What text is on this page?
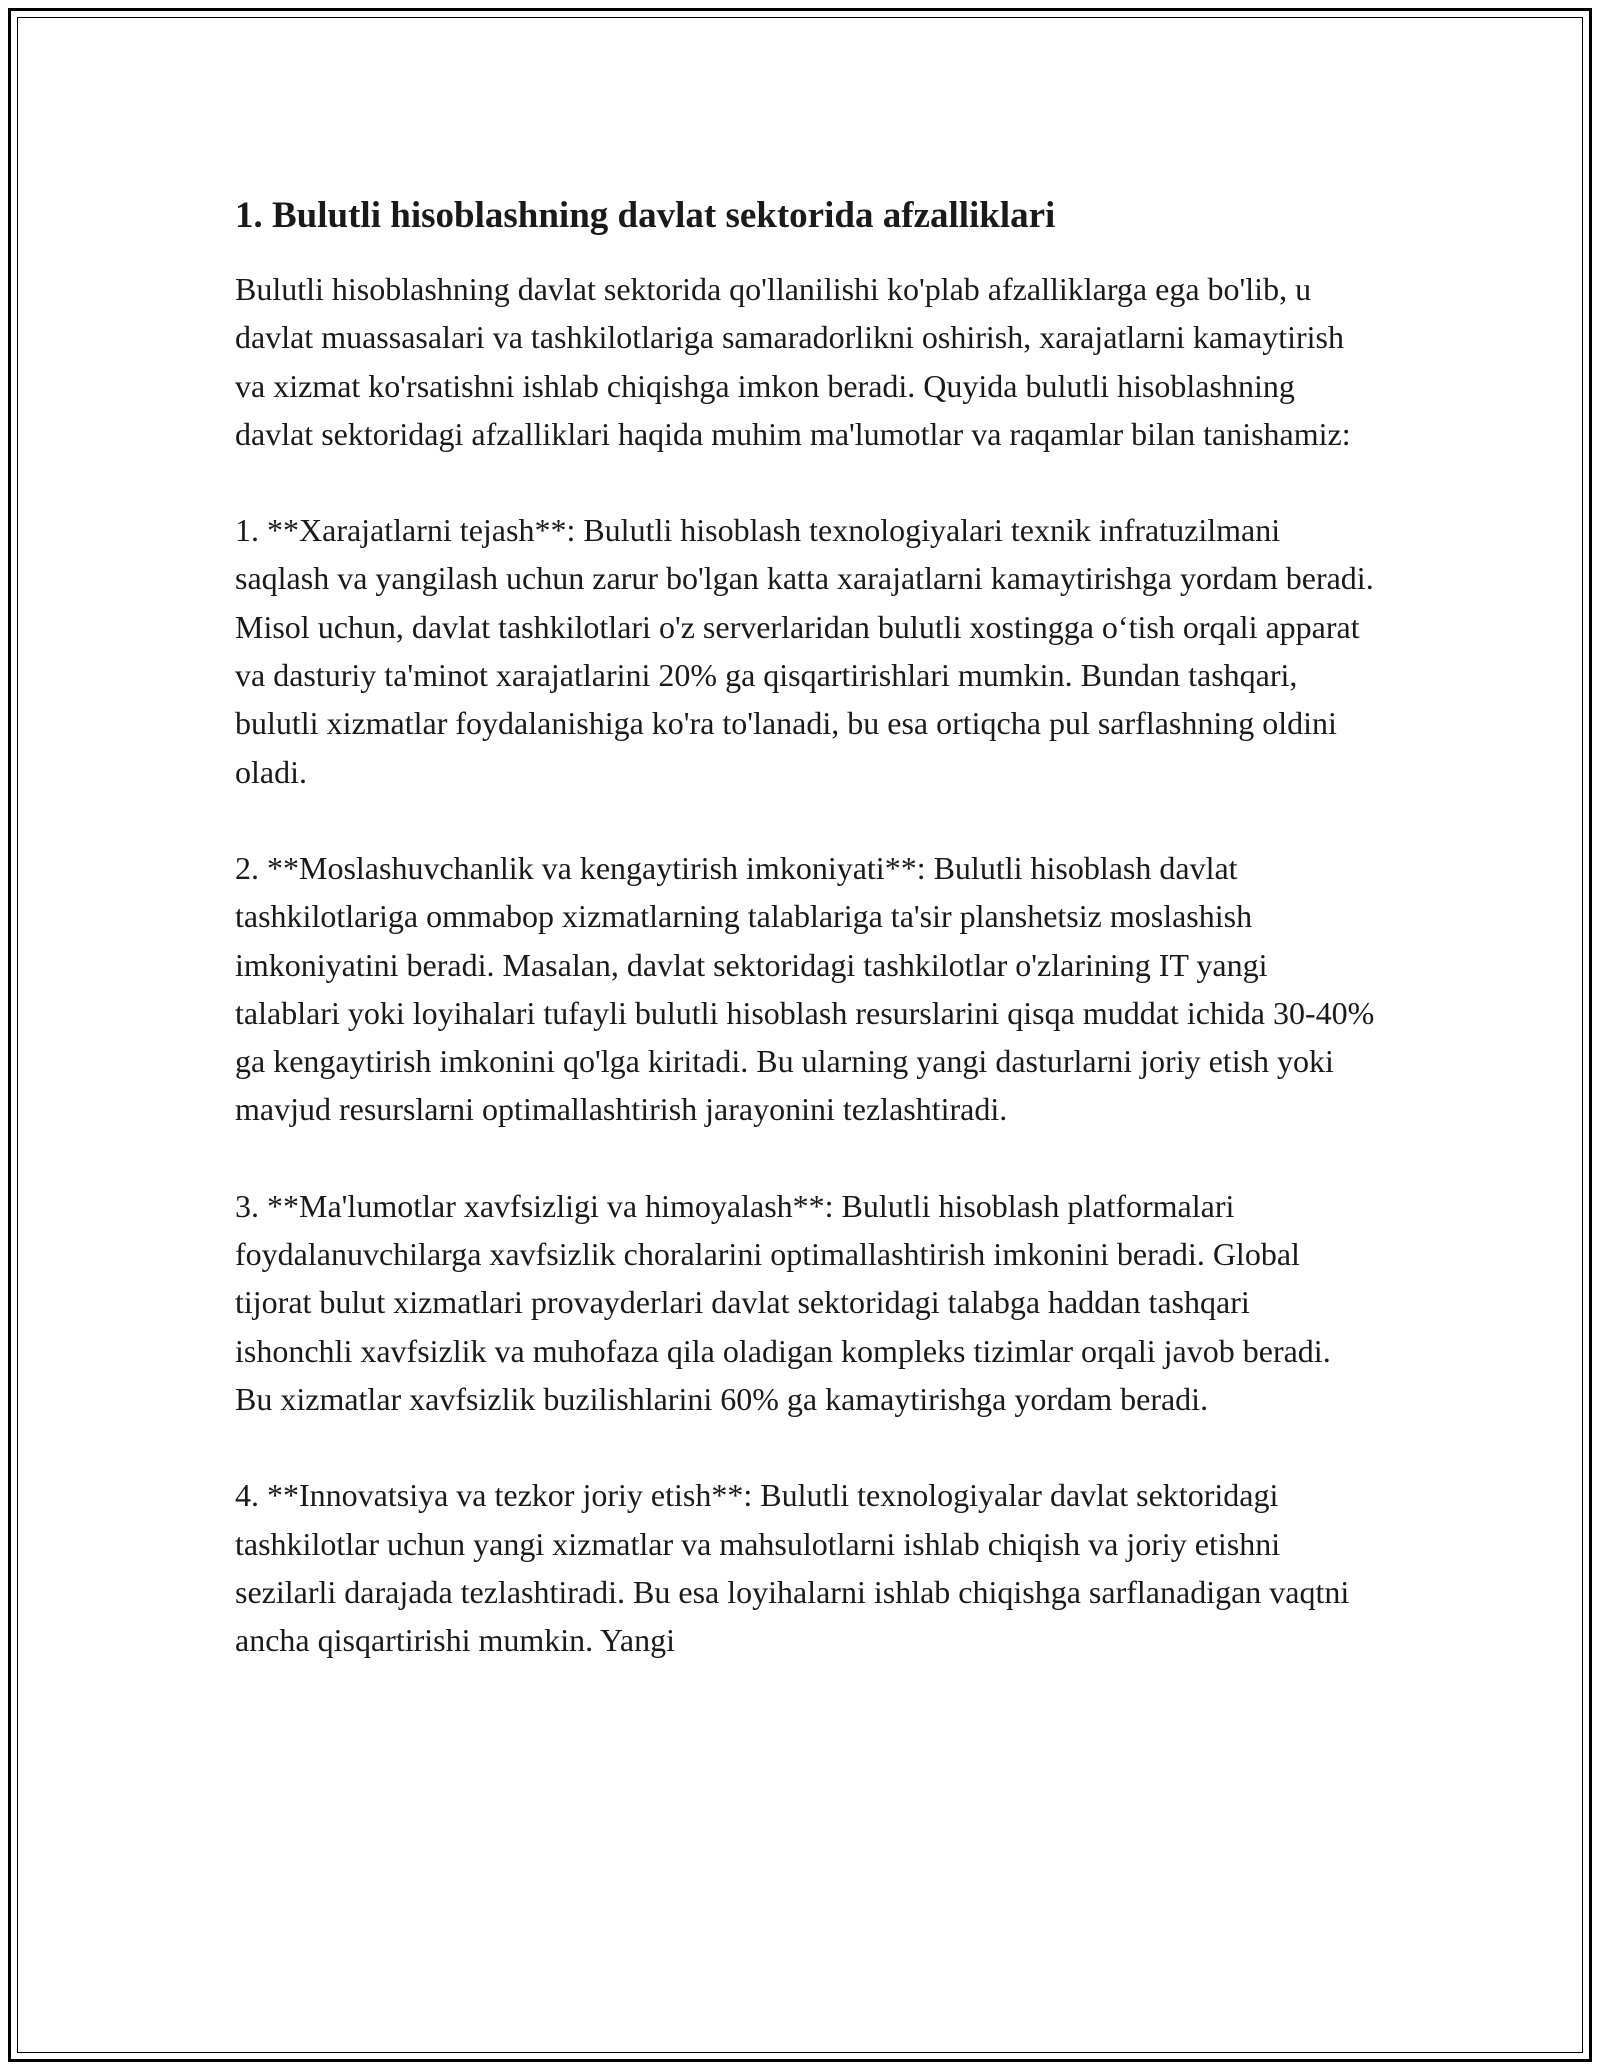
1. Bulutli hisoblashning davlat sektorida afzalliklari

Bulutli hisoblashning davlat sektorida qo'llanilishi ko'plab afzalliklarga ega bo'lib, u davlat muassasalari va tashkilotlariga samaradorlikni oshirish, xarajatlarni kamaytirish va xizmat ko'rsatishni ishlab chiqishga imkon beradi. Quyida bulutli hisoblashning davlat sektoridagi afzalliklari haqida muhim ma'lumotlar va raqamlar bilan tanishamiz:

1. **Xarajatlarni tejash**: Bulutli hisoblash texnologiyalari texnik infratuzilmani saqlash va yangilash uchun zarur bo'lgan katta xarajatlarni kamaytirishga yordam beradi. Misol uchun, davlat tashkilotlari o'z serverlaridan bulutli xostingga o‘tish orqali apparat va dasturiy ta'minot xarajatlarini 20% ga qisqartirishlari mumkin. Bundan tashqari, bulutli xizmatlar foydalanishiga ko'ra to'lanadi, bu esa ortiqcha pul sarflashning oldini oladi.

2. **Moslashuvchanlik va kengaytirish imkoniyati**: Bulutli hisoblash davlat tashkilotlariga ommabop xizmatlarning talablariga ta'sir planshetsiz moslashish imkoniyatini beradi. Masalan, davlat sektoridagi tashkilotlar o'zlarining IT yangi talablari yoki loyihalari tufayli bulutli hisoblash resurslarini qisqa muddat ichida 30-40% ga kengaytirish imkonini qo'lga kiritadi. Bu ularning yangi dasturlarni joriy etish yoki mavjud resurslarni optimallashtirish jarayonini tezlashtiradi.

3. **Ma'lumotlar xavfsizligi va himoyalash**: Bulutli hisoblash platformalari foydalanuvchilarga xavfsizlik choralarini optimallashtirish imkonini beradi. Global tijorat bulut xizmatlari provayderlari davlat sektoridagi talabga haddan tashqari ishonchli xavfsizlik va muhofaza qila oladigan kompleks tizimlar orqali javob beradi. Bu xizmatlar xavfsizlik buzilishlarini 60% ga kamaytirishga yordam beradi.

4. **Innovatsiya va tezkor joriy etish**: Bulutli texnologiyalar davlat sektoridagi tashkilotlar uchun yangi xizmatlar va mahsulotlarni ishlab chiqish va joriy etishni sezilarli darajada tezlashtiradi. Bu esa loyihalarni ishlab chiqishga sarflanadigan vaqtni ancha qisqartirishi mumkin. Yangi
